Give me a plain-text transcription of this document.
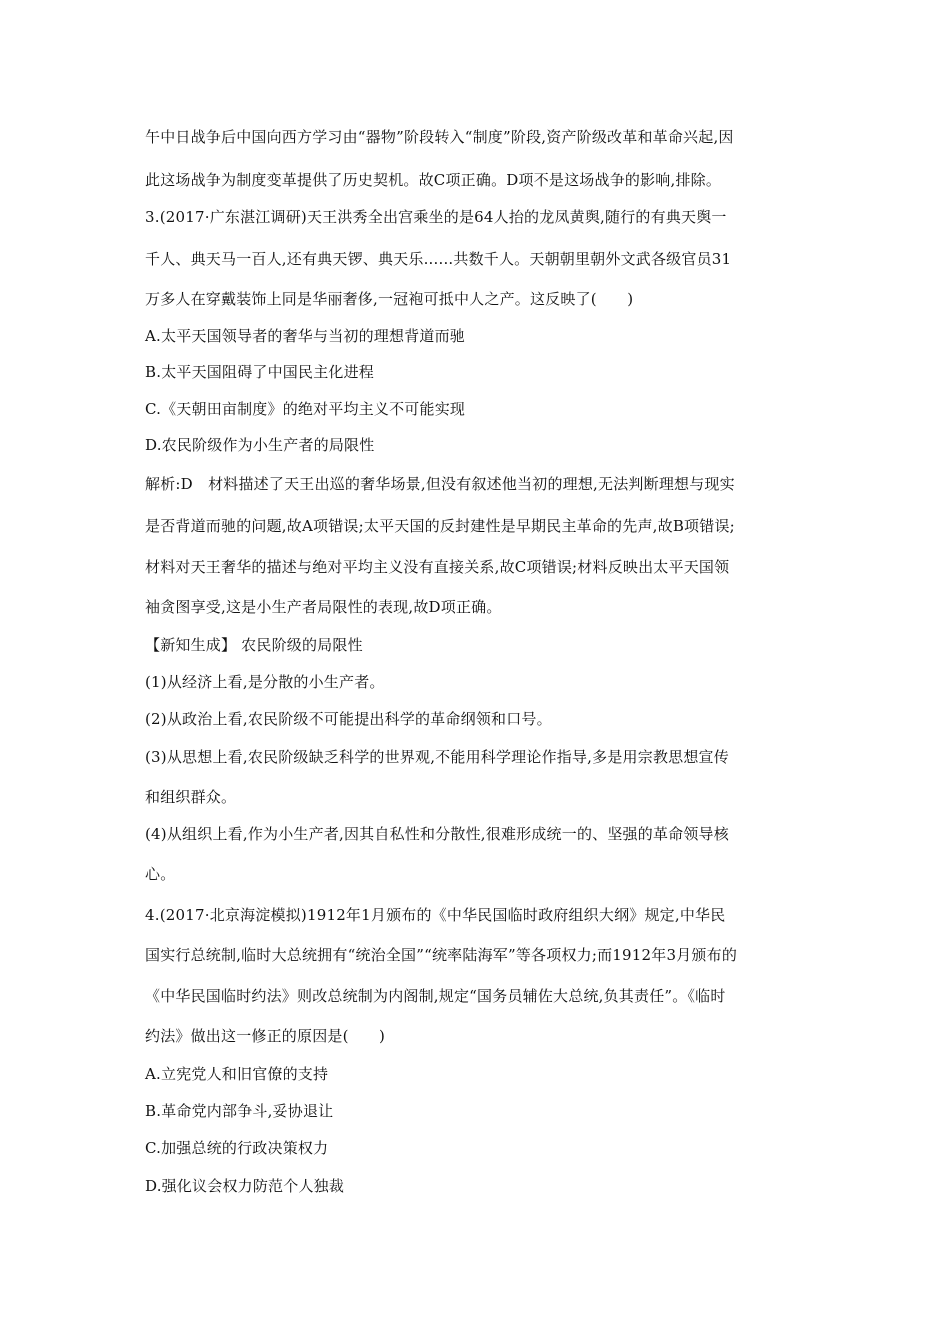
午中日战争后中国向西方学习由“器物”阶段转入“制度”阶段,资产阶级改革和革命兴起,因
此这场战争为制度变革提供了历史契机。故C项正确。D项不是这场战争的影响,排除。
3.(2017·广东湛江调研)天王洪秀全出宫乘坐的是64人抬的龙凤黄舆,随行的有典天舆一
千人、典天马一百人,还有典天锣、典天乐......共数千人。天朝朝里朝外文武各级官员31
万多人在穿戴装饰上同是华丽奢侈,一冠袍可抵中人之产。这反映了(　　)
A.太平天国领导者的奢华与当初的理想背道而驰
B.太平天国阻碍了中国民主化进程
C.《天朝田亩制度》的绝对平均主义不可能实现
D.农民阶级作为小生产者的局限性
解析:D　材料描述了天王出巡的奢华场景,但没有叙述他当初的理想,无法判断理想与现实
是否背道而驰的问题,故A项错误;太平天国的反封建性是早期民主革命的先声,故B项错误;
材料对天王奢华的描述与绝对平均主义没有直接关系,故C项错误;材料反映出太平天国领
袖贪图享受,这是小生产者局限性的表现,故D项正确。
【新知生成】 农民阶级的局限性
(1)从经济上看,是分散的小生产者。
(2)从政治上看,农民阶级不可能提出科学的革命纲领和口号。
(3)从思想上看,农民阶级缺乏科学的世界观,不能用科学理论作指导,多是用宗教思想宣传
和组织群众。
(4)从组织上看,作为小生产者,因其自私性和分散性,很难形成统一的、坚强的革命领导核
心。
4.(2017·北京海淀模拟)1912年1月颁布的《中华民国临时政府组织大纲》规定,中华民
国实行总统制,临时大总统拥有“统治全国”“统率陆海军”等各项权力;而1912年3月颁布的
《中华民国临时约法》则改总统制为内阁制,规定“国务员辅佐大总统,负其责任”。《临时
约法》做出这一修正的原因是(　　)
A.立宪党人和旧官僚的支持
B.革命党内部争斗,妥协退让
C.加强总统的行政决策权力
D.强化议会权力防范个人独裁
